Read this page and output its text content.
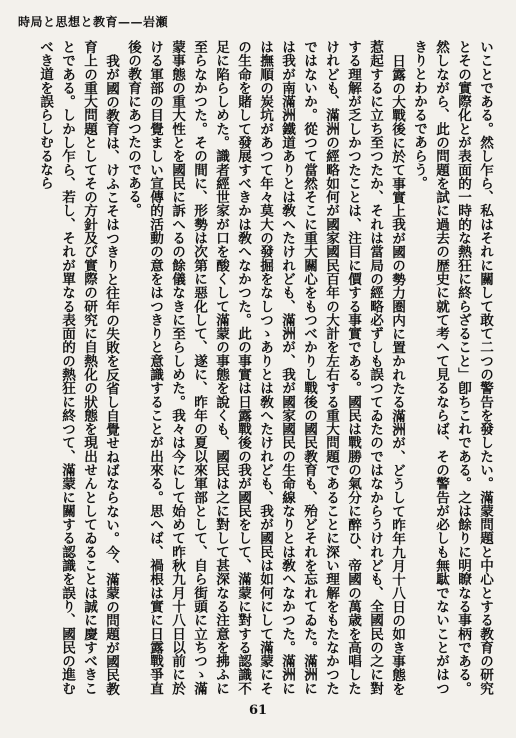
時局と思想と教育——岩瀬

いことである。然し乍ら、私はそれに關して敢て二つの警告を發したい。滿蒙問題と中心とする教育の研究とその實際化とが表面的一時的な熱狂に終らざること」卽ちこれである。之は餘りに明瞭なる事柄である。然しながら、此の問題を試に過去の歴史に就て考へて見るならば、その警告が必しも無駄でないことがはつきりとわかるであらう。

日露の大戰後に於て事實上我が國の勢力圏内に置かれたる滿洲が、どうして昨年九月十八日の如き事態を惹起するに立ち至つたか、それは當局の經略必ずしも誤つてゐたのではなからうけれども、全國民の之に對する理解が乏しかつたことは、注目に價する事實である。國民は戰勝の氣分に醉ひ、帝國の萬歳を高唱したけれども、滿洲の經略如何が國家國民百年の大計を左右する重大問題であることに深い理解をもたなかつたではないか。從つて當然そこに重大關心をもつべかりし戰後の國民教育も、殆どそれを忘れてゐた。滿洲には我が南滿洲鐵道ありとは敎へたけれども、滿洲が、我が國家國民の生命線なりとは敎へなかつた。滿洲には撫順の炭坑があつて年々莫大の發掘をなしつゝありとは敎へたけれども、我が國民は如何にして滿蒙にその生命を賭して發展すべきかは敎へなかつた。此の事實は日露戰後の我が國民をして、滿蒙に對する認識不足に陷らしめた。識者經世家が口を酸くして滿蒙の事態を說くも、國民は之に對して甚深なる注意を拂ふに至らなかつた。その間に、形勢は次第に惡化して、遂に、昨年の夏以來軍部として、自ら街頭に立ちつゝ滿蒙事態の重大性とを國民に訴へるの餘儀なきに至らしめた。我々は今にして始めて昨秋九月十八日以前に於ける軍部の目覺ましい宣傳的活動の意をはつきりと意識することが出來る。思へば、禍根は實に日露戰爭直後の教育にあつたのである。

我が國の教育は、けふこそはつきりと往年の失敗を反省し自覺せねばならない。今、滿蒙の問題が國民教育上の重大問題としてその方針及び實際の研究に自熱化の狀態を現出せんとしてゐることは誠に慶すべきことである。しかし乍ら、若し、それが單なる表面的の熱狂に終つて、滿蒙に關する認識を誤り、國民の進むべき道を誤らしむるなら

61
